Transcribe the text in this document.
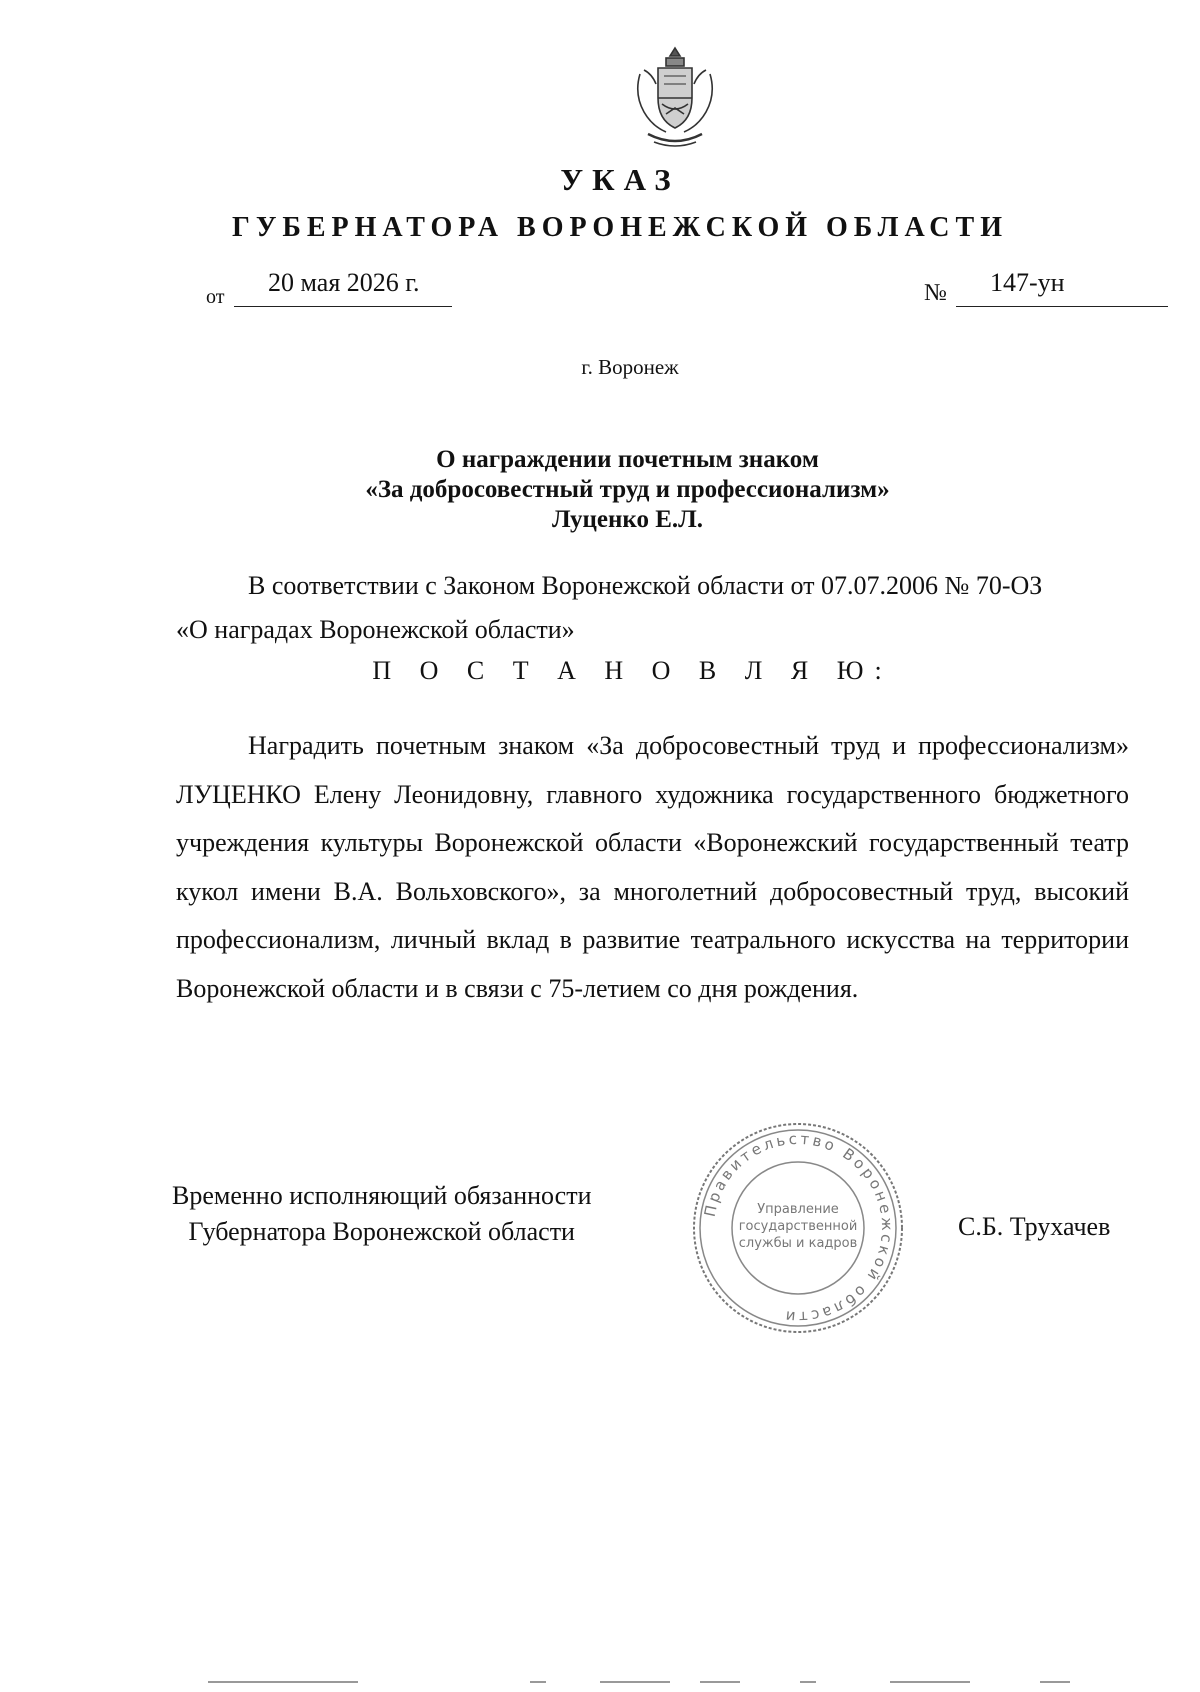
УКАЗ
ГУБЕРНАТОРА ВОРОНЕЖСКОЙ ОБЛАСТИ
от 20 мая 2026 г.	№ 147-ун
г. Воронеж
О награждении почетным знаком
«За добросовестный труд и профессионализм»
Луценко Е.Л.
В соответствии с Законом Воронежской области от 07.07.2006 № 70-ОЗ
«О наградах Воронежской области»
П О С Т А Н О В Л Я Ю:
Наградить почетным знаком «За добросовестный труд и профессионализм» ЛУЦЕНКО Елену Леонидовну, главного художника государственного бюджетного учреждения культуры Воронежской области «Воронежский государственный театр кукол имени В.А. Вольховского», за многолетний добросовестный труд, высокий профессионализм, личный вклад в развитие театрального искусства на территории Воронежской области и в связи с 75-летием со дня рождения.
Временно исполняющий обязанности
Губернатора Воронежской области	С.Б. Трухачев
Правительство Воронежской области
Управление
государственной
службы и кадров
